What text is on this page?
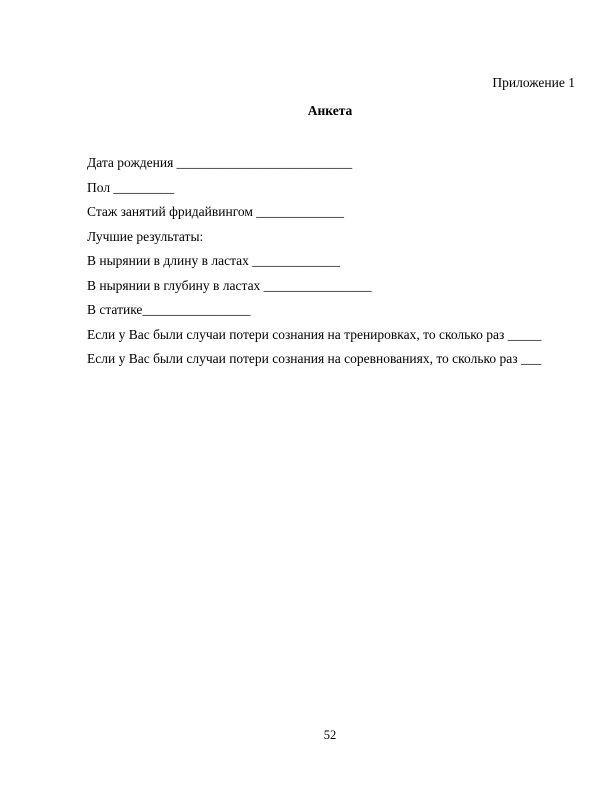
Приложение 1
Анкета
Дата рождения __________________________
Пол _________
Стаж занятий фридайвингом _____________
Лучшие результаты:
В нырянии в длину в ластах _____________
В нырянии в глубину в ластах ________________
В статике________________
Если у Вас были случаи потери сознания на тренировках, то сколько раз _____
Если у Вас были случаи потери сознания на соревнованиях, то сколько раз ___
52
